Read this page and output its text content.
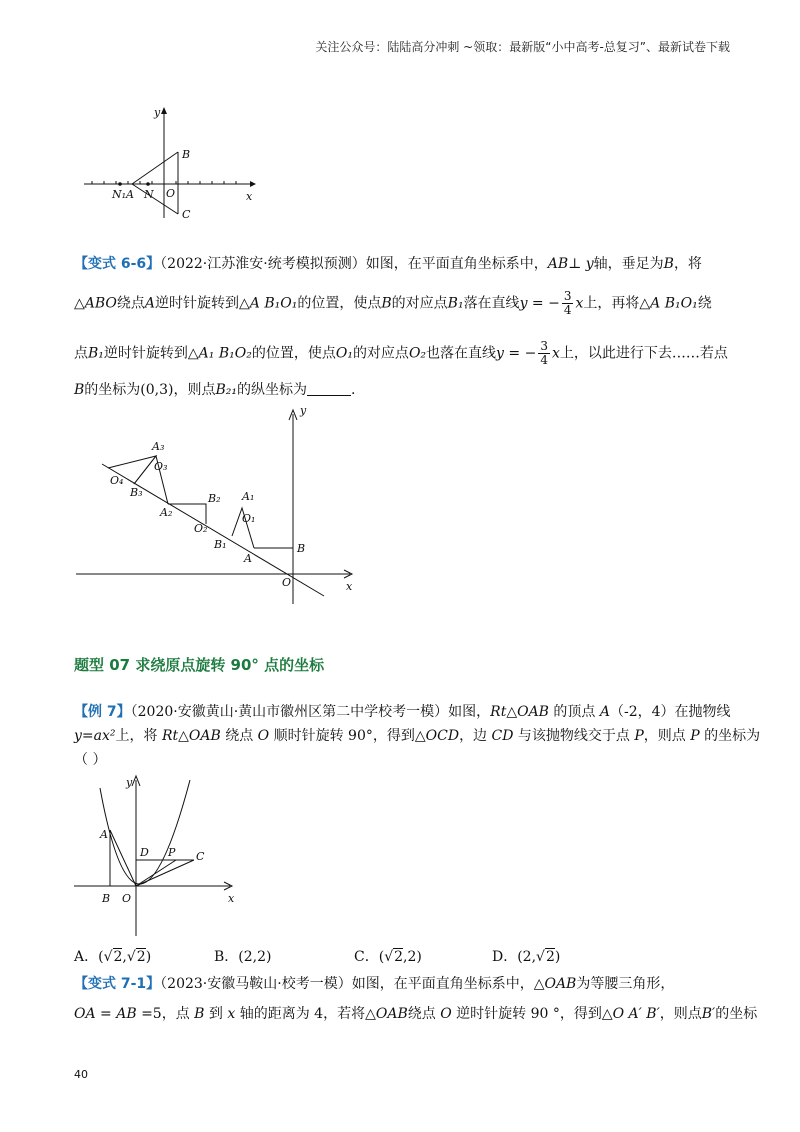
关注公众号：陆陆高分冲刺 ~领取：最新版“小中高考-总复习”、最新试卷下载
y
x
O
B
C
N₁A N
【变式 6-6】（2022·江苏淮安·统考模拟预测）如图，在平面直角坐标系中，AB⊥ y轴，垂足为B，将
△ABO绕点A逆时针旋转到△A B₁O₁的位置，使点B的对应点B₁落在直线y = − $\frac{3}{4}$ x上，再将△A B₁O₁绕
点B₁逆时针旋转到△A₁ B₁O₂的位置，使点O₁的对应点O₂也落在直线y = − $\frac{3}{4}$ x上，以此进行下去……若点
B的坐标为(0,3)，则点B₂₁的纵坐标为	.
y
x
O
A
B
O₁
A₁
B₁
O₂
B₂
A₂
B₃
O₃
A₃
O₄
题型 07 求绕原点旋转 90° 点的坐标
【例 7】（2020·安徽黄山·黄山市徽州区第二中学校考一模）如图，Rt△OAB 的顶点 A（-2，4）在抛物线
y=ax²上，将 Rt△OAB 绕点 O 顺时针旋转 90°，得到△OCD，边 CD 与该抛物线交于点 P，则点 P 的坐标为
（ ）
y
x
A
B O
D P C
A．(√2,√2)	B．(2,2)	C．(√2,2)	D．(2,√2)
【变式 7-1】（2023·安徽马鞍山·校考一模）如图，在平面直角坐标系中，△OAB为等腰三角形，
OA = AB =5，点 B 到 x 轴的距离为 4，若将△OAB绕点 O 逆时针旋转 90 °，得到△O A′ B′，则点B′的坐标
40
